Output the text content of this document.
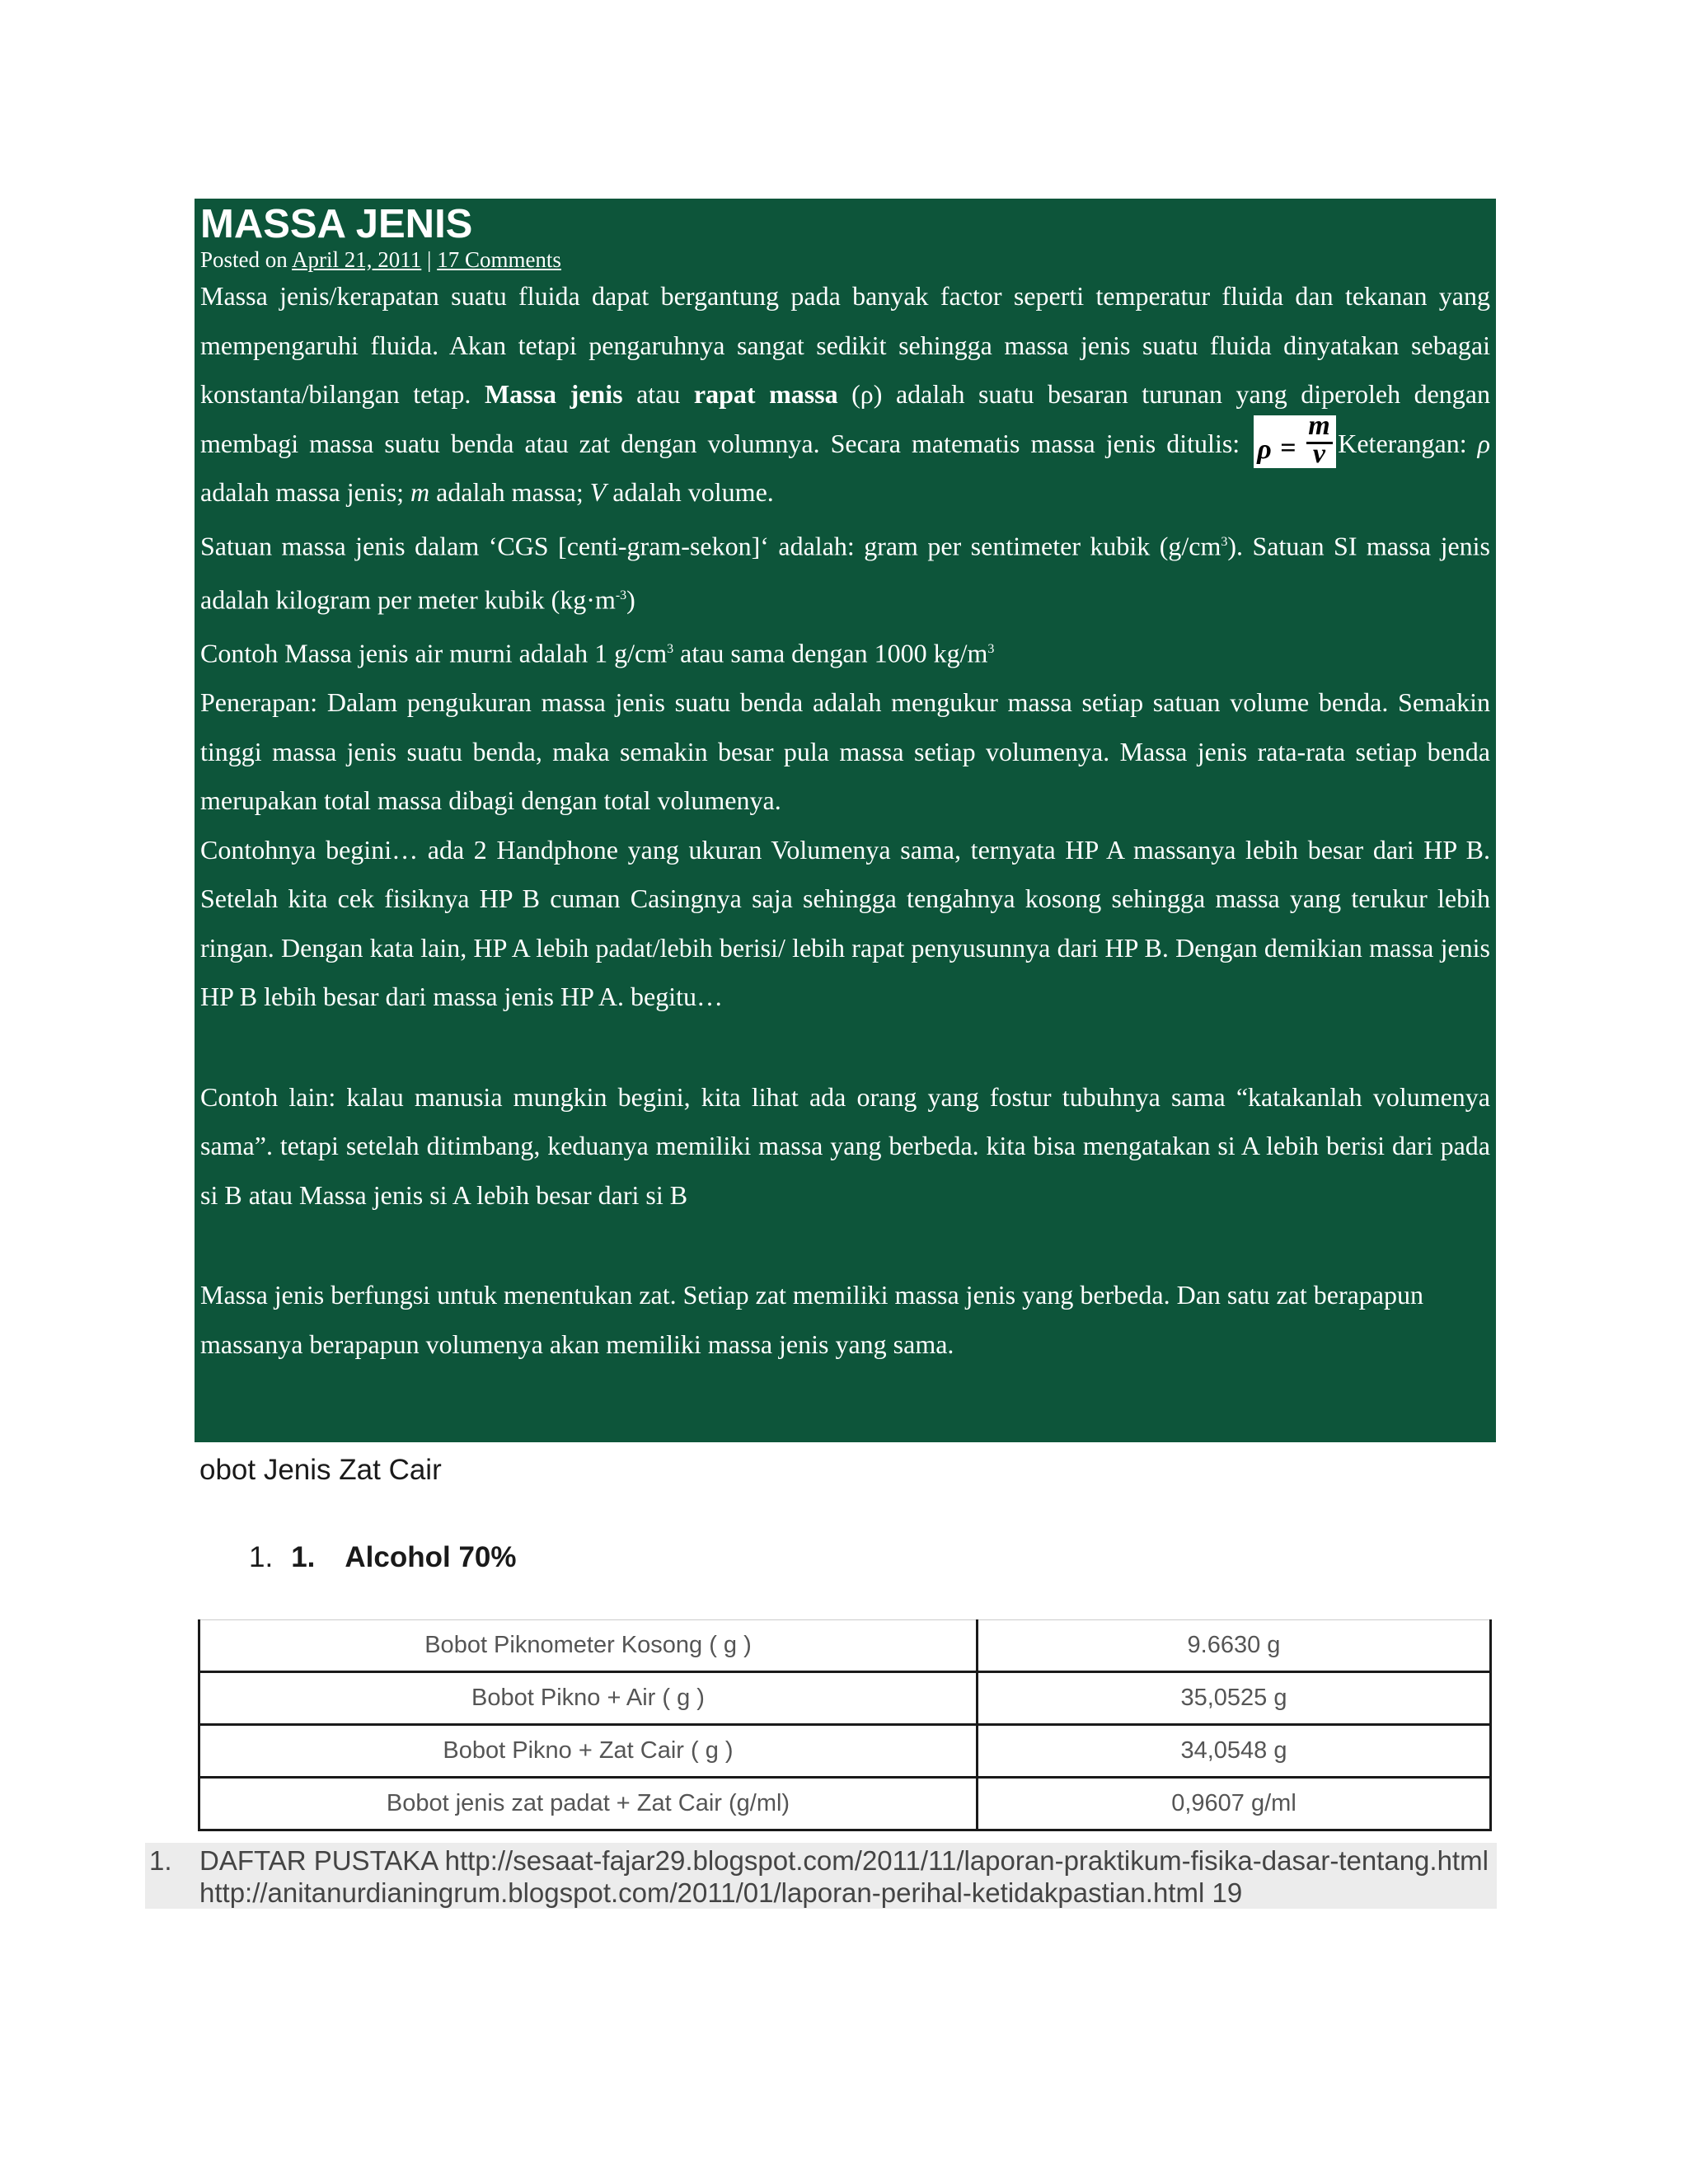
MASSA JENIS
Posted on April 21, 2011 | 17 Comments

Massa jenis/kerapatan suatu fluida dapat bergantung pada banyak factor seperti temperatur fluida dan tekanan yang mempengaruhi fluida. Akan tetapi pengaruhnya sangat sedikit sehingga massa jenis suatu fluida dinyatakan sebagai konstanta/bilangan tetap. Massa jenis atau rapat massa (ρ) adalah suatu besaran turunan yang diperoleh dengan membagi massa suatu benda atau zat dengan volumnya. Secara matematis massa jenis ditulis: ρ =
m
v Keterangan: ρ adalah massa jenis; m adalah massa; V adalah volume.

Satuan massa jenis dalam ‘CGS [centi-gram-sekon]‘ adalah: gram per sentimeter kubik $(g/cm^3)$. Satuan SI massa jenis adalah kilogram per meter kubik $(kg\cdot m^{-3})$

Contoh Massa jenis air murni adalah 1 $g/cm^3$ atau sama dengan 1000 $kg/m^3$

Penerapan: Dalam pengukuran massa jenis suatu benda adalah mengukur massa setiap satuan volume benda. Semakin tinggi massa jenis suatu benda, maka semakin besar pula massa setiap volumenya. Massa jenis rata-rata setiap benda merupakan total massa dibagi dengan total volumenya.

Contohnya begini… ada 2 Handphone yang ukuran Volumenya sama, ternyata HP A massanya lebih besar dari HP B. Setelah kita cek fisiknya HP B cuman Casingnya saja sehingga tengahnya kosong sehingga massa yang terukur lebih ringan. Dengan kata lain, HP A lebih padat/lebih berisi/ lebih rapat penyusunnya dari HP B. Dengan demikian massa jenis HP B lebih besar dari massa jenis HP A. begitu…

Contoh lain: kalau manusia mungkin begini, kita lihat ada orang yang fostur tubuhnya sama “katakanlah volumenya sama”. tetapi setelah ditimbang, keduanya memiliki massa yang berbeda. kita bisa mengatakan si A lebih berisi dari pada si B atau Massa jenis si A lebih besar dari si B

Massa jenis berfungsi untuk menentukan zat. Setiap zat memiliki massa jenis yang berbeda. Dan satu zat berapapun massanya berapapun volumenya akan memiliki massa jenis yang sama.

obot Jenis Zat Cair
1. 1. Alcohol 70%
Bobot Piknometer Kosong ( g )	9.6630 g
Bobot Pikno + Air ( g )	35,0525 g
Bobot Pikno + Zat Cair ( g )	34,0548 g
Bobot jenis zat padat + Zat Cair (g/ml)	0,9607 g/ml
1. DAFTAR PUSTAKA http://sesaat-fajar29.blogspot.com/2011/11/laporan-praktikum-fisika-dasar-tentang.html http://anitanurdianingrum.blogspot.com/2011/01/laporan-perihal-ketidakpastian.html 19
